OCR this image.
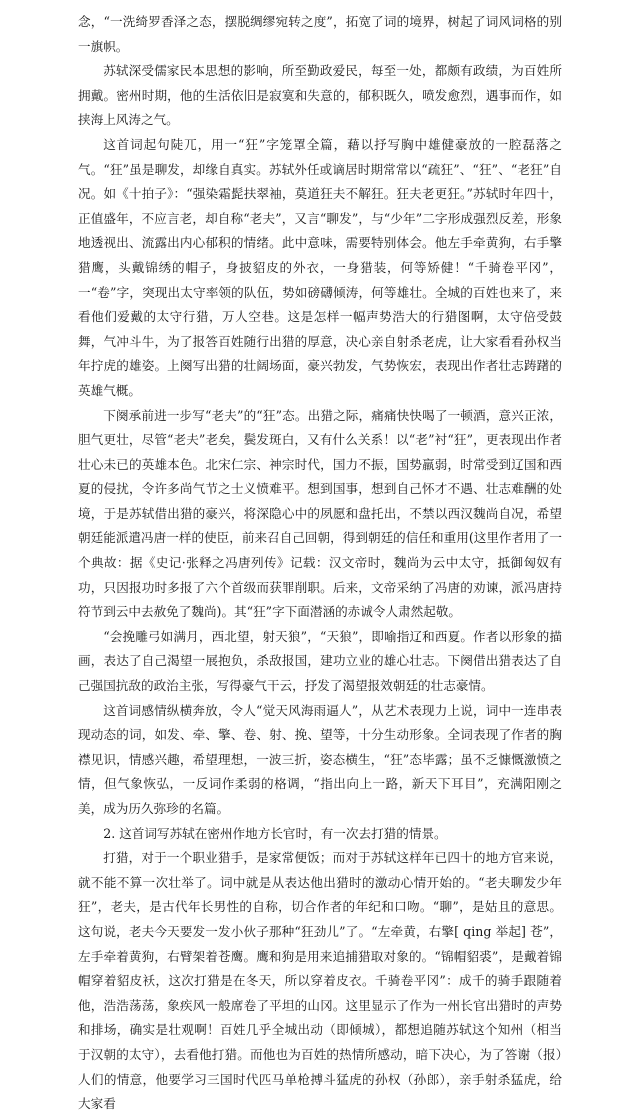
念，“一洗绮罗香泽之态，摆脱绸缪宛转之度”，拓宽了词的境界，树起了词风词格的别一旗帜。

苏轼深受儒家民本思想的影响，所至勤政爱民，每至一处，都颇有政绩，为百姓所拥戴。密州时期，他的生活依旧是寂寞和失意的，郁积既久，喷发愈烈，遇事而作，如挟海上风涛之气。

这首词起句陡兀，用一“狂”字笼罩全篇，藉以抒写胸中雄健豪放的一腔磊落之气。“狂”虽是聊发，却缘自真实。苏轼外任或谪居时期常常以“疏狂”、“狂”、“老狂”自况。如《十拍子》：“强染霜髭扶翠袖，莫道狂夫不解狂。狂夫老更狂。”苏轼时年四十，正值盛年，不应言老，却自称“老夫”，又言“聊发”，与“少年”二字形成强烈反差，形象地透视出、流露出内心郁积的情绪。此中意味，需要特别体会。他左手牵黄狗，右手擎猎鹰，头戴锦绣的帽子，身披貂皮的外衣，一身猎装，何等矫健！“千骑卷平冈”，一“卷”字，突现出太守率领的队伍，势如磅礴倾涛，何等雄壮。全城的百姓也来了，来看他们爱戴的太守行猎，万人空巷。这是怎样一幅声势浩大的行猎图啊，太守倍受鼓舞，气冲斗牛，为了报答百姓随行出猎的厚意，决心亲自射杀老虎，让大家看看孙权当年拧虎的雄姿。上阕写出猎的壮阔场面，豪兴勃发，气势恢宏，表现出作者壮志踌躇的英雄气概。

下阕承前进一步写“老夫”的“狂”态。出猎之际，痛痛快快喝了一顿酒，意兴正浓，胆气更壮，尽管“老夫”老矣，鬓发斑白，又有什么关系！以“老”衬“狂”，更表现出作者壮心未已的英雄本色。北宋仁宗、神宗时代，国力不振，国势羸弱，时常受到辽国和西夏的侵扰，令许多尚气节之士义愤难平。想到国事，想到自己怀才不遇、壮志难酬的处境，于是苏轼借出猎的豪兴，将深隐心中的夙愿和盘托出，不禁以西汉魏尚自况，希望朝廷能派遣冯唐一样的使臣，前来召自己回朝，得到朝廷的信任和重用(这里作者用了一个典故：据《史记·张释之冯唐列传》记载：汉文帝时，魏尚为云中太守，抵御匈奴有功，只因报功时多报了六个首级而获罪削职。后来，文帝采纳了冯唐的劝谏，派冯唐持符节到云中去赦免了魏尚)。其“狂”字下面潜涵的赤诚令人肃然起敬。

“会挽雕弓如满月，西北望，射天狼”，“天狼”，即喻指辽和西夏。作者以形象的描画，表达了自己渴望一展抱负，杀敌报国，建功立业的雄心壮志。下阕借出猎表达了自己强国抗敌的政治主张，写得豪气干云，抒发了渴望报效朝廷的壮志豪情。

这首词感情纵横奔放，令人“觉天风海雨逼人”，从艺术表现力上说，词中一连串表现动态的词，如发、牵、擎、卷、射、挽、望等，十分生动形象。全词表现了作者的胸襟见识，情感兴趣，希望理想，一波三折，姿态横生，“狂”态毕露；虽不乏慷慨激愤之情，但气象恢弘，一反词作柔弱的格调，“指出向上一路，新天下耳目”，充满阳刚之美，成为历久弥珍的名篇。

2. 这首词写苏轼在密州作地方长官时，有一次去打猎的情景。

打猎，对于一个职业猎手，是家常便饭；而对于苏轼这样年已四十的地方官来说，就不能不算一次壮举了。词中就是从表达他出猎时的激动心情开始的。“老夫聊发少年狂”，老夫，是古代年长男性的自称，切合作者的年纪和口吻。“聊”，是姑且的意思。这句说，老夫今天要发一发小伙子那种“狂劲儿”了。“左牵黄，右擎[ qing 举起] 苍”，左手牵着黄狗，右臂架着苍鹰。鹰和狗是用来追捕猎取对象的。“锦帽貂裘”，是戴着锦帽穿着貂皮袄，这次打猎是在冬天，所以穿着皮衣。千骑卷平冈”：成千的骑手跟随着他，浩浩荡荡，象疾风一般席卷了平坦的山冈。这里显示了作为一州长官出猎时的声势和排场，确实是壮观啊！百姓几乎全城出动（即倾城），都想追随苏轼这个知州（相当于汉朝的太守），去看他打猎。而他也为百姓的热情所感动，暗下决心，为了答谢（报）人们的情意，他要学习三国时代匹马单枪搏斗猛虎的孙权（孙郎），亲手射杀猛虎，给大家看
